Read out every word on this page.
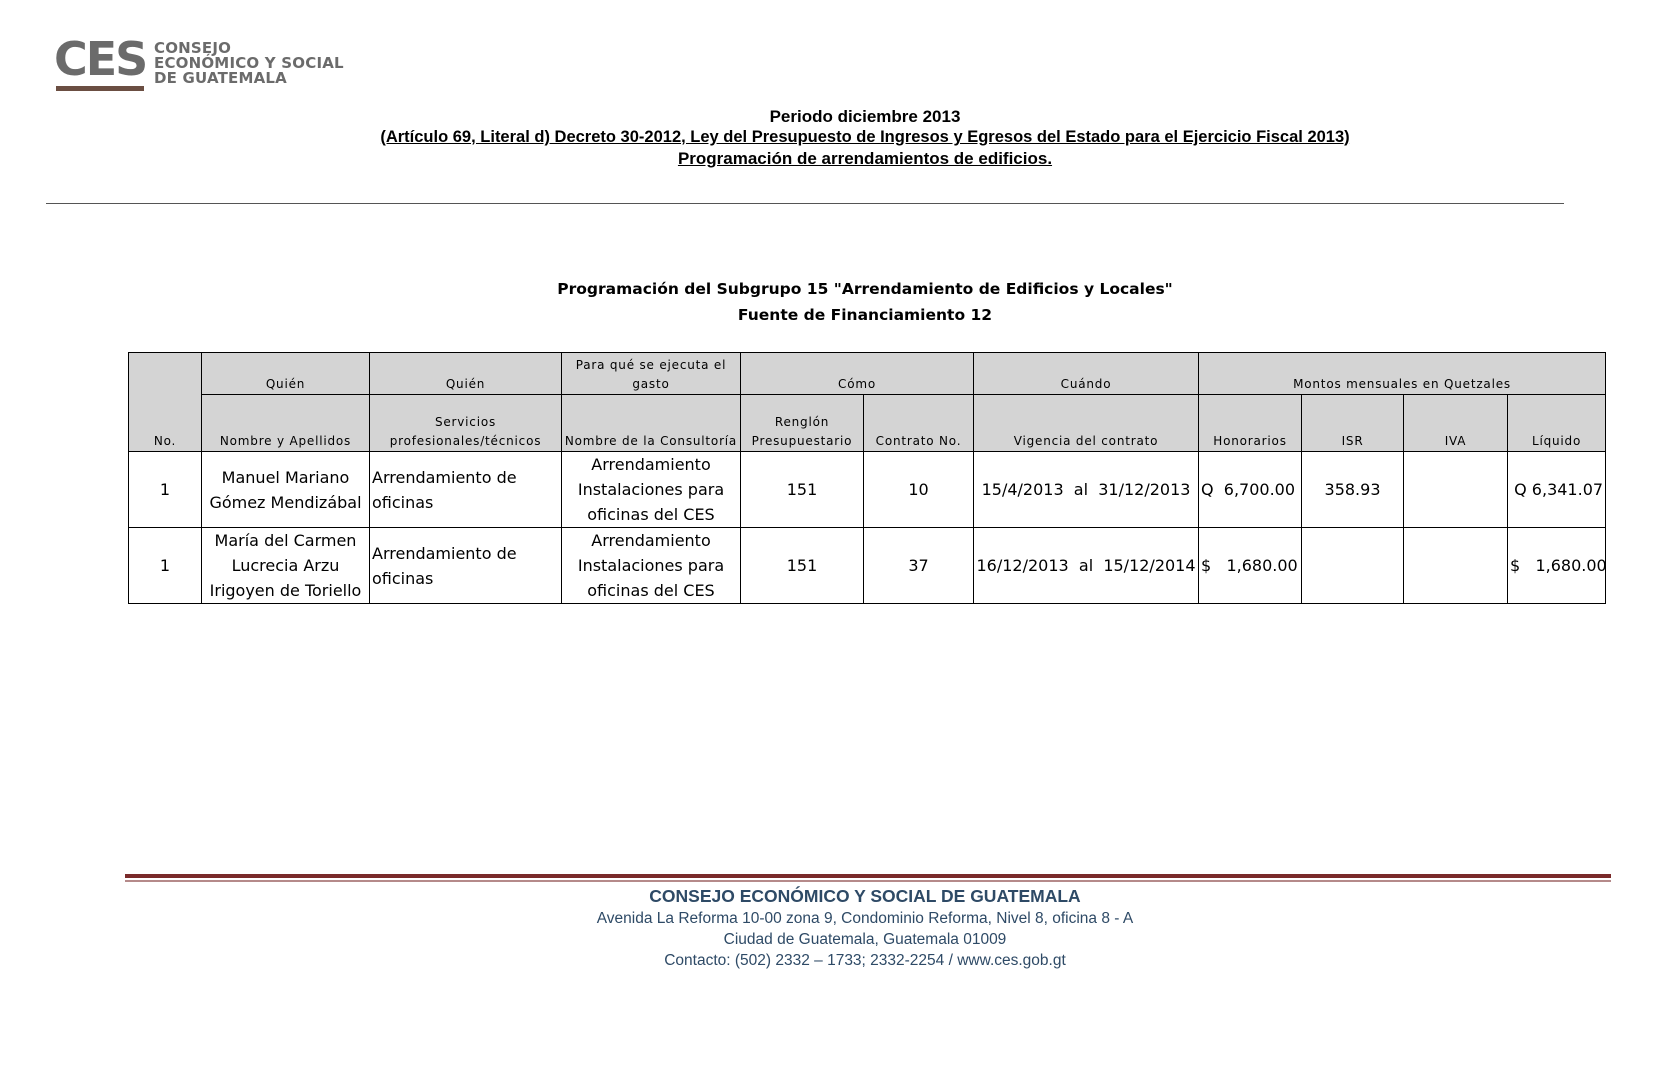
CES CONSEJO
ECONÓMICO Y SOCIAL
DE GUATEMALA
Periodo diciembre 2013
(Artículo 69, Literal d) Decreto 30-2012, Ley del Presupuesto de Ingresos y Egresos del Estado para el Ejercicio Fiscal 2013)
Programación de arrendamientos de edificios.
Programación del Subgrupo 15 "Arrendamiento de Edificios y Locales"
Fuente de Financiamiento 12
No.	Quién	Quién	Para qué se ejecuta el gasto	Cómo		Cuándo	Montos mensuales en Quetzales			
	Nombre y Apellidos	Servicios profesionales/técnicos	Nombre de la Consultoría	Renglón Presupuestario	Contrato No.	Vigencia del contrato	Honorarios	ISR	IVA	Líquido
1	Manuel Mariano Gómez Mendizábal	Arrendamiento de oficinas	Arrendamiento Instalaciones para oficinas del CES	151	10	15/4/2013  al  31/12/2013	Q  6,700.00	358.93		Q 6,341.07
1	María del Carmen Lucrecia Arzu Irigoyen de Toriello	Arrendamiento de oficinas	Arrendamiento Instalaciones para oficinas del CES	151	37	16/12/2013  al  15/12/2014	$   1,680.00			$   1,680.00
CONSEJO ECONÓMICO Y SOCIAL DE GUATEMALA
Avenida La Reforma 10-00 zona 9, Condominio Reforma, Nivel 8, oficina 8 - A
Ciudad de Guatemala, Guatemala 01009
Contacto: (502) 2332 – 1733; 2332-2254 / www.ces.gob.gt
